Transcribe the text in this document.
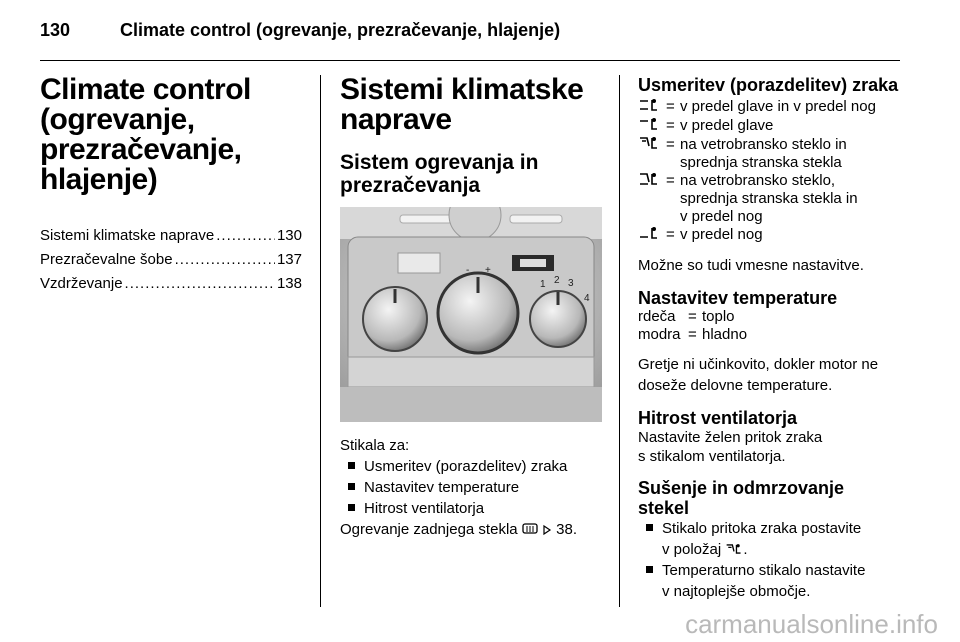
130	Climate control (ogrevanje, prezračevanje, hlajenje)
Climate control
(ogrevanje,
prezračevanje,
hlajenje)
Sistemi klimatske naprave .....	130
Prezračevalne šobe .....	137
Vzdrževanje .....	138
Sistemi klimatske
naprave
Sistem ogrevanja in
prezračevanja
- +
1 2 3
4
Stikala za:
Usmeritev (porazdelitev) zraka
Nastavitev temperature
Hitrost ventilatorja
Ogrevanje zadnjega stekla	38.
Usmeritev (porazdelitev) zraka
= v predel glave in v predel nog
= v predel glave
= na vetrobransko steklo in
sprednja stranska stekla
= na vetrobransko steklo,
sprednja stranska stekla in
v predel nog
= v predel nog
Možne so tudi vmesne nastavitve.
Nastavitev temperature
rdeča = toplo
modra = hladno
Gretje ni učinkovito, dokler motor ne doseže delovne temperature.
Hitrost ventilatorja
Nastavite želen pritok zraka
s stikalom ventilatorja.
Sušenje in odmrzovanje stekel
Stikalo pritoka zraka postavite
v položaj .
Temperaturno stikalo nastavite
v najtoplejše območje.
carmanualsonline.info
